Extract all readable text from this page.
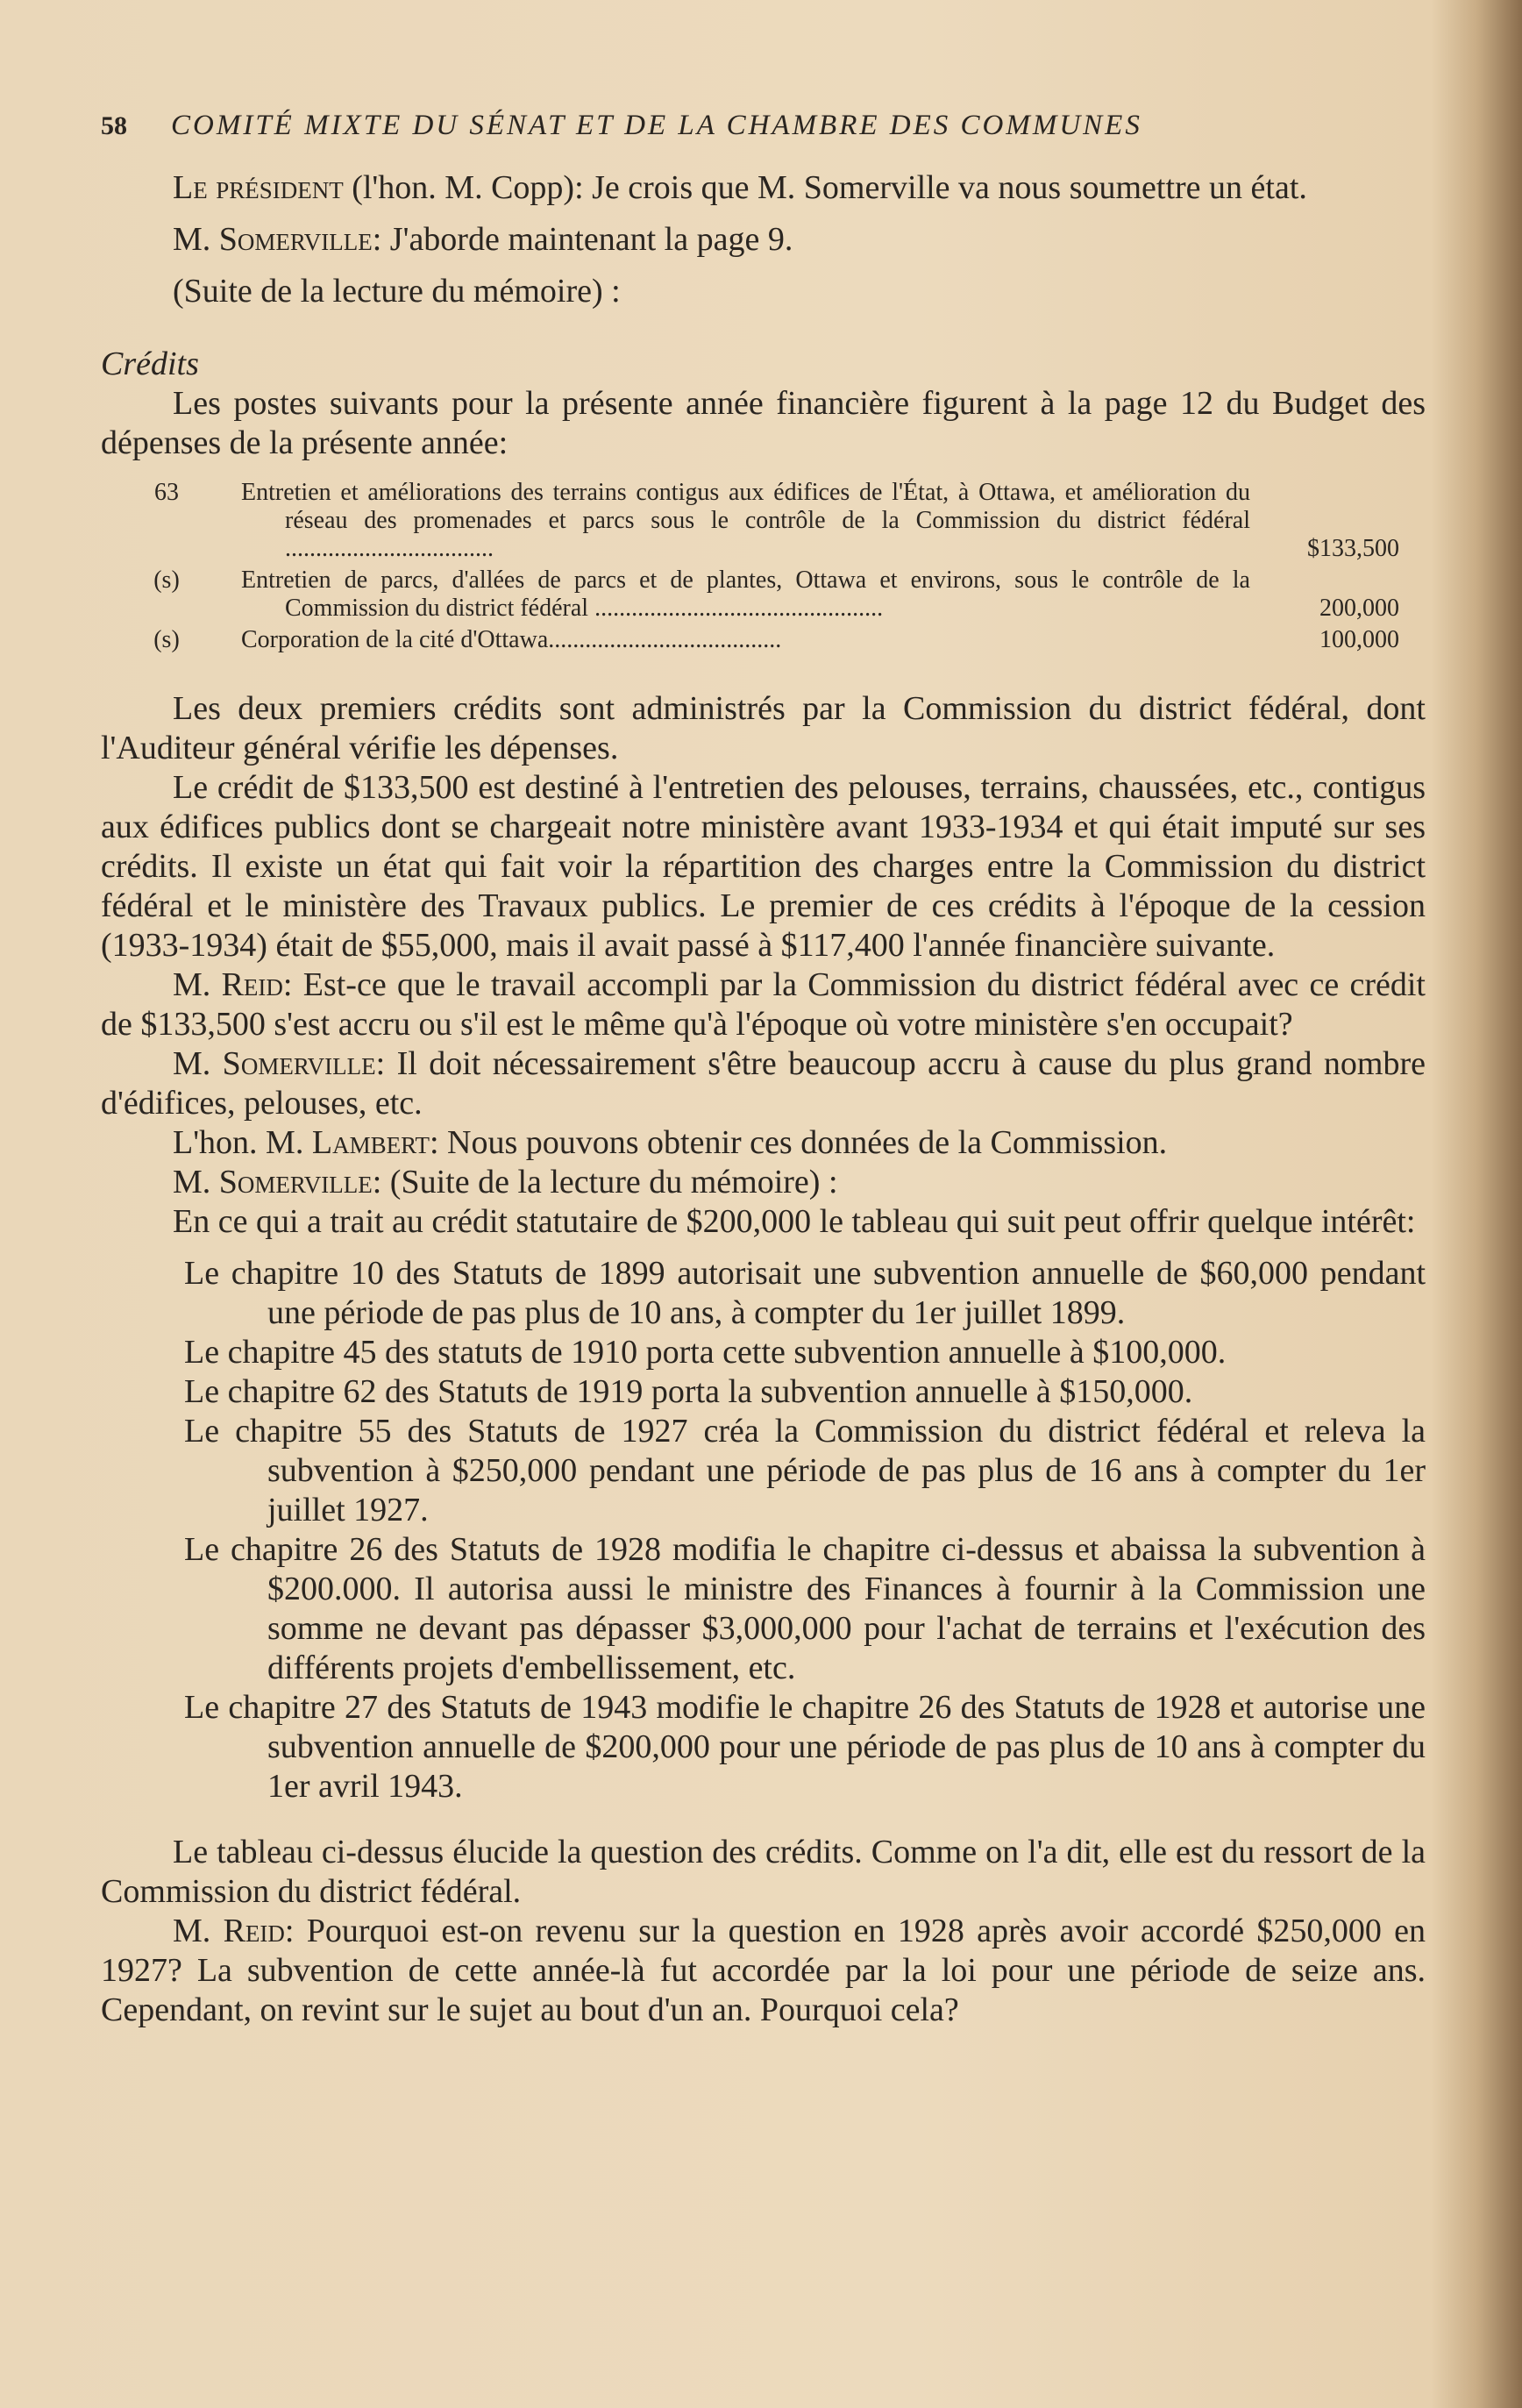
58 COMITÉ MIXTE DU SÉNAT ET DE LA CHAMBRE DES COMMUNES

Le président (l'hon. M. Copp): Je crois que M. Somerville va nous soumettre un état.

M. Somerville: J'aborde maintenant la page 9.

(Suite de la lecture du mémoire) :

Crédits

Les postes suivants pour la présente année financière figurent à la page 12 du Budget des dépenses de la présente année:

63	Entretien et améliorations des terrains contigus aux édifices de l'État, à Ottawa, et amélioration du réseau des promenades et parcs sous le contrôle de la Commission du district fédéral ..................................	$133,500
(s)	Entretien de parcs, d'allées de parcs et de plantes, Ottawa et environs, sous le contrôle de la Commission du district fédéral ...............................................	200,000
(s)	Corporation de la cité d'Ottawa......................................	100,000

Les deux premiers crédits sont administrés par la Commission du district fédéral, dont l'Auditeur général vérifie les dépenses.

Le crédit de $133,500 est destiné à l'entretien des pelouses, terrains, chaussées, etc., contigus aux édifices publics dont se chargeait notre ministère avant 1933-1934 et qui était imputé sur ses crédits. Il existe un état qui fait voir la répartition des charges entre la Commission du district fédéral et le ministère des Travaux publics. Le premier de ces crédits à l'époque de la cession (1933-1934) était de $55,000, mais il avait passé à $117,400 l'année financière suivante.

M. Reid: Est-ce que le travail accompli par la Commission du district fédéral avec ce crédit de $133,500 s'est accru ou s'il est le même qu'à l'époque où votre ministère s'en occupait?

M. Somerville: Il doit nécessairement s'être beaucoup accru à cause du plus grand nombre d'édifices, pelouses, etc.

L'hon. M. Lambert: Nous pouvons obtenir ces données de la Commission.

M. Somerville: (Suite de la lecture du mémoire) :

En ce qui a trait au crédit statutaire de $200,000 le tableau qui suit peut offrir quelque intérêt:

Le chapitre 10 des Statuts de 1899 autorisait une subvention annuelle de $60,000 pendant une période de pas plus de 10 ans, à compter du 1er juillet 1899.

Le chapitre 45 des statuts de 1910 porta cette subvention annuelle à $100,000.

Le chapitre 62 des Statuts de 1919 porta la subvention annuelle à $150,000.

Le chapitre 55 des Statuts de 1927 créa la Commission du district fédéral et releva la subvention à $250,000 pendant une période de pas plus de 16 ans à compter du 1er juillet 1927.

Le chapitre 26 des Statuts de 1928 modifia le chapitre ci-dessus et abaissa la subvention à $200.000. Il autorisa aussi le ministre des Finances à fournir à la Commission une somme ne devant pas dépasser $3,000,000 pour l'achat de terrains et l'exécution des différents projets d'embellissement, etc.

Le chapitre 27 des Statuts de 1943 modifie le chapitre 26 des Statuts de 1928 et autorise une subvention annuelle de $200,000 pour une période de pas plus de 10 ans à compter du 1er avril 1943.

Le tableau ci-dessus élucide la question des crédits. Comme on l'a dit, elle est du ressort de la Commission du district fédéral.

M. Reid: Pourquoi est-on revenu sur la question en 1928 après avoir accordé $250,000 en 1927? La subvention de cette année-là fut accordée par la loi pour une période de seize ans. Cependant, on revint sur le sujet au bout d'un an. Pourquoi cela?
